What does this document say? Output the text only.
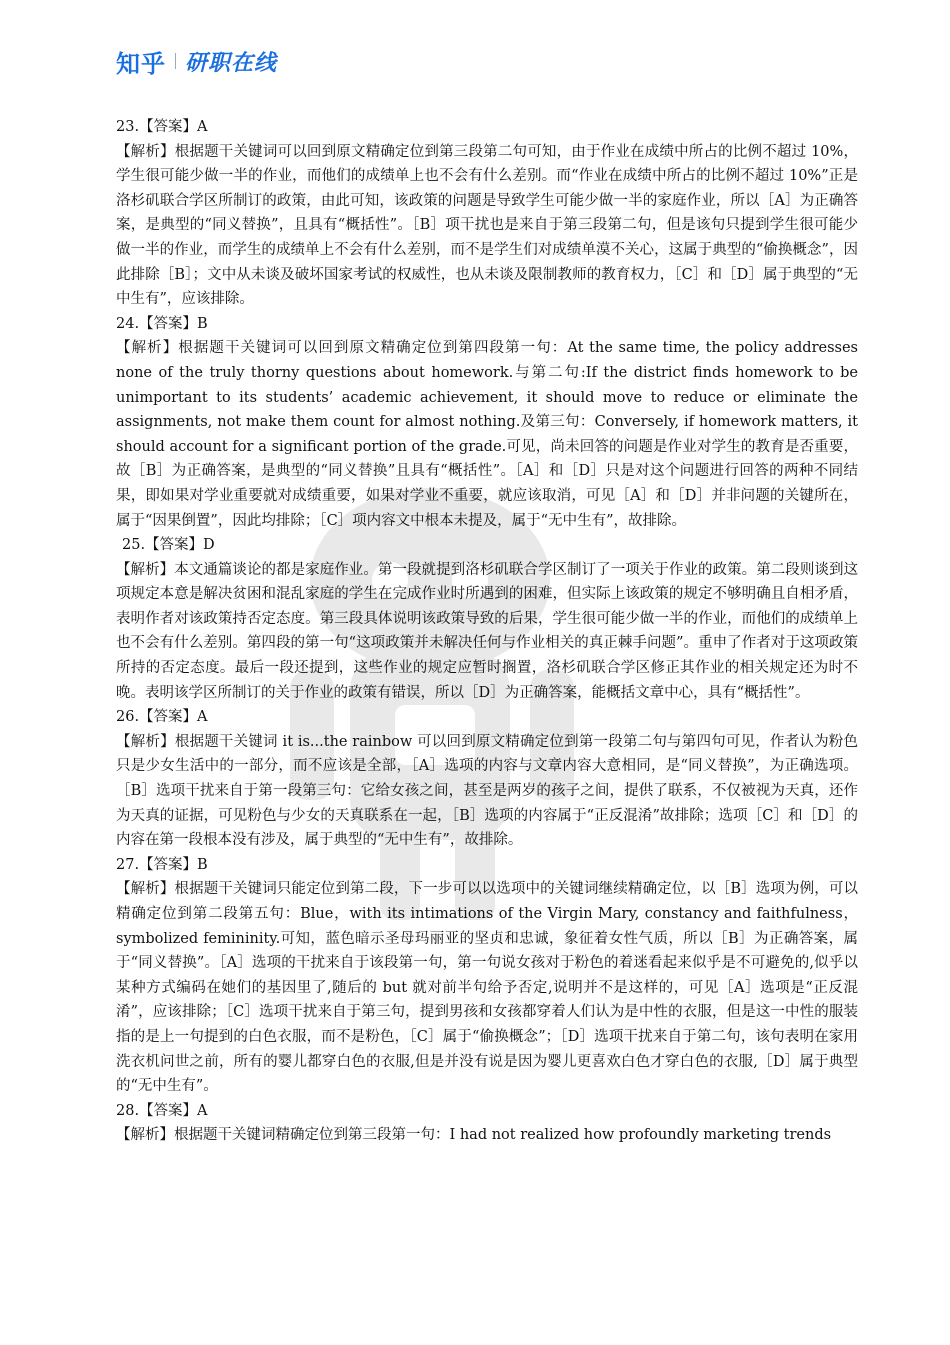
知乎 研职在线

23.【答案】A

【解析】根据题干关键词可以回到原文精确定位到第三段第二句可知，由于作业在成绩中所占的比例不超过 10%，学生很可能少做一半的作业，而他们的成绩单上也不会有什么差别。而“作业在成绩中所占的比例不超过 10%”正是洛杉矶联合学区所制订的政策，由此可知，该政策的问题是导致学生可能少做一半的家庭作业，所以［A］为正确答案，是典型的“同义替换”，且具有“概括性”。［B］项干扰也是来自于第三段第二句，但是该句只提到学生很可能少做一半的作业，而学生的成绩单上不会有什么差别，而不是学生们对成绩单漠不关心，这属于典型的“偷换概念”，因此排除［B］；文中从未谈及破坏国家考试的权威性，也从未谈及限制教师的教育权力，［C］和［D］属于典型的“无中生有”，应该排除。

24.【答案】B

【解析】根据题干关键词可以回到原文精确定位到第四段第一句：At the same time, the policy addresses none of the truly thorny questions about homework.与第二句:If the district finds homework to be unimportant to its students’ academic achievement, it should move to reduce or eliminate the assignments, not make them count for almost nothing.及第三句：Conversely, if homework matters, it should account for a significant portion of the grade.可见，尚未回答的问题是作业对学生的教育是否重要，故［B］为正确答案，是典型的“同义替换”且具有“概括性”。［A］和［D］只是对这个问题进行回答的两种不同结果，即如果对学业重要就对成绩重要，如果对学业不重要，就应该取消，可见［A］和［D］并非问题的关键所在，属于“因果倒置”，因此均排除；［C］项内容文中根本未提及，属于“无中生有”，故排除。

25.【答案】D

【解析】本文通篇谈论的都是家庭作业。第一段就提到洛杉矶联合学区制订了一项关于作业的政策。第二段则谈到这项规定本意是解决贫困和混乱家庭的学生在完成作业时所遇到的困难，但实际上该政策的规定不够明确且自相矛盾，表明作者对该政策持否定态度。第三段具体说明该政策导致的后果，学生很可能少做一半的作业，而他们的成绩单上也不会有什么差别。第四段的第一句“这项政策并未解决任何与作业相关的真正棘手问题”。重申了作者对于这项政策所持的否定态度。最后一段还提到，这些作业的规定应暂时搁置，洛杉矶联合学区修正其作业的相关规定还为时不晚。表明该学区所制订的关于作业的政策有错误，所以［D］为正确答案，能概括文章中心，具有“概括性”。

26.【答案】A

【解析】根据题干关键词 it is...the rainbow 可以回到原文精确定位到第一段第二句与第四句可见，作者认为粉色只是少女生活中的一部分，而不应该是全部，［A］选项的内容与文章内容大意相同，是“同义替换”，为正确选项。［B］选项干扰来自于第一段第三句：它给女孩之间，甚至是两岁的孩子之间，提供了联系，不仅被视为天真，还作为天真的证据，可见粉色与少女的天真联系在一起，［B］选项的内容属于“正反混淆”故排除；选项［C］和［D］的内容在第一段根本没有涉及，属于典型的“无中生有”，故排除。

27.【答案】B

【解析】根据题干关键词只能定位到第二段，下一步可以以选项中的关键词继续精确定位，以［B］选项为例，可以精确定位到第二段第五句：Blue，with its intimations of the Virgin Mary, constancy and faithfulness，symbolized femininity.可知，蓝色暗示圣母玛丽亚的坚贞和忠诚，象征着女性气质，所以［B］为正确答案，属于“同义替换”。［A］选项的干扰来自于该段第一句，第一句说女孩对于粉色的着迷看起来似乎是不可避免的,似乎以某种方式编码在她们的基因里了,随后的 but 就对前半句给予否定,说明并不是这样的，可见［A］选项是“正反混淆”，应该排除；［C］选项干扰来自于第三句，提到男孩和女孩都穿着人们认为是中性的衣服，但是这一中性的服装指的是上一句提到的白色衣服，而不是粉色，［C］属于“偷换概念”；［D］选项干扰来自于第二句，该句表明在家用洗衣机问世之前，所有的婴儿都穿白色的衣服,但是并没有说是因为婴儿更喜欢白色才穿白色的衣服,［D］属于典型的“无中生有”。

28.【答案】A

【解析】根据题干关键词精确定位到第三段第一句：I had not realized how profoundly marketing trends
